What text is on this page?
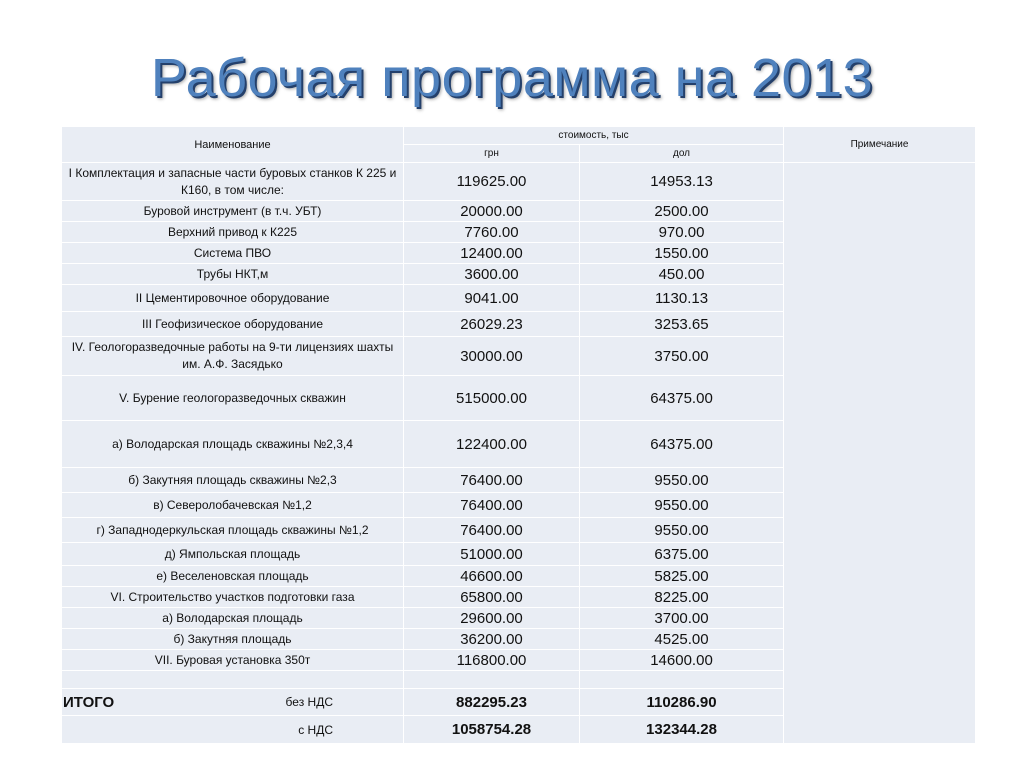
Рабочая программа на 2013
Наименование	стоимость, тыс		Примечание
	грн	дол	
I Комплектация и запасные части буровых станков К 225 и К160, в том числе:	119625.00	14953.13	
Буровой инструмент (в т.ч. УБТ)	20000.00	2500.00	
Верхний привод к К225	7760.00	970.00	
Система ПВО	12400.00	1550.00	
Трубы НКТ,м	3600.00	450.00	
II Цементировочное оборудование	9041.00	1130.13	
III Геофизическое оборудование	26029.23	3253.65	
IV. Геологоразведочные работы на 9-ти лицензиях шахты им. А.Ф. Засядько	30000.00	3750.00	
V. Бурение геологоразведочных скважин	515000.00	64375.00	
а) Володарская площадь скважины №2,3,4	122400.00	64375.00	
б) Закутняя площадь скважины №2,3	76400.00	9550.00	
в) Северолобачевская №1,2	76400.00	9550.00	
г) Западнодеркульская площадь скважины №1,2	76400.00	9550.00	
д) Ямпольская площадь	51000.00	6375.00	
е) Веселеновская площадь	46600.00	5825.00	
VI. Строительство участков подготовки газа	65800.00	8225.00	
а) Володарская площадь	29600.00	3700.00	
б) Закутняя площадь	36200.00	4525.00	
VII. Буровая установка 350т	116800.00	14600.00	

ИТОГО без НДС	882295.23	110286.90	

с НДС	1058754.28	132344.28	
